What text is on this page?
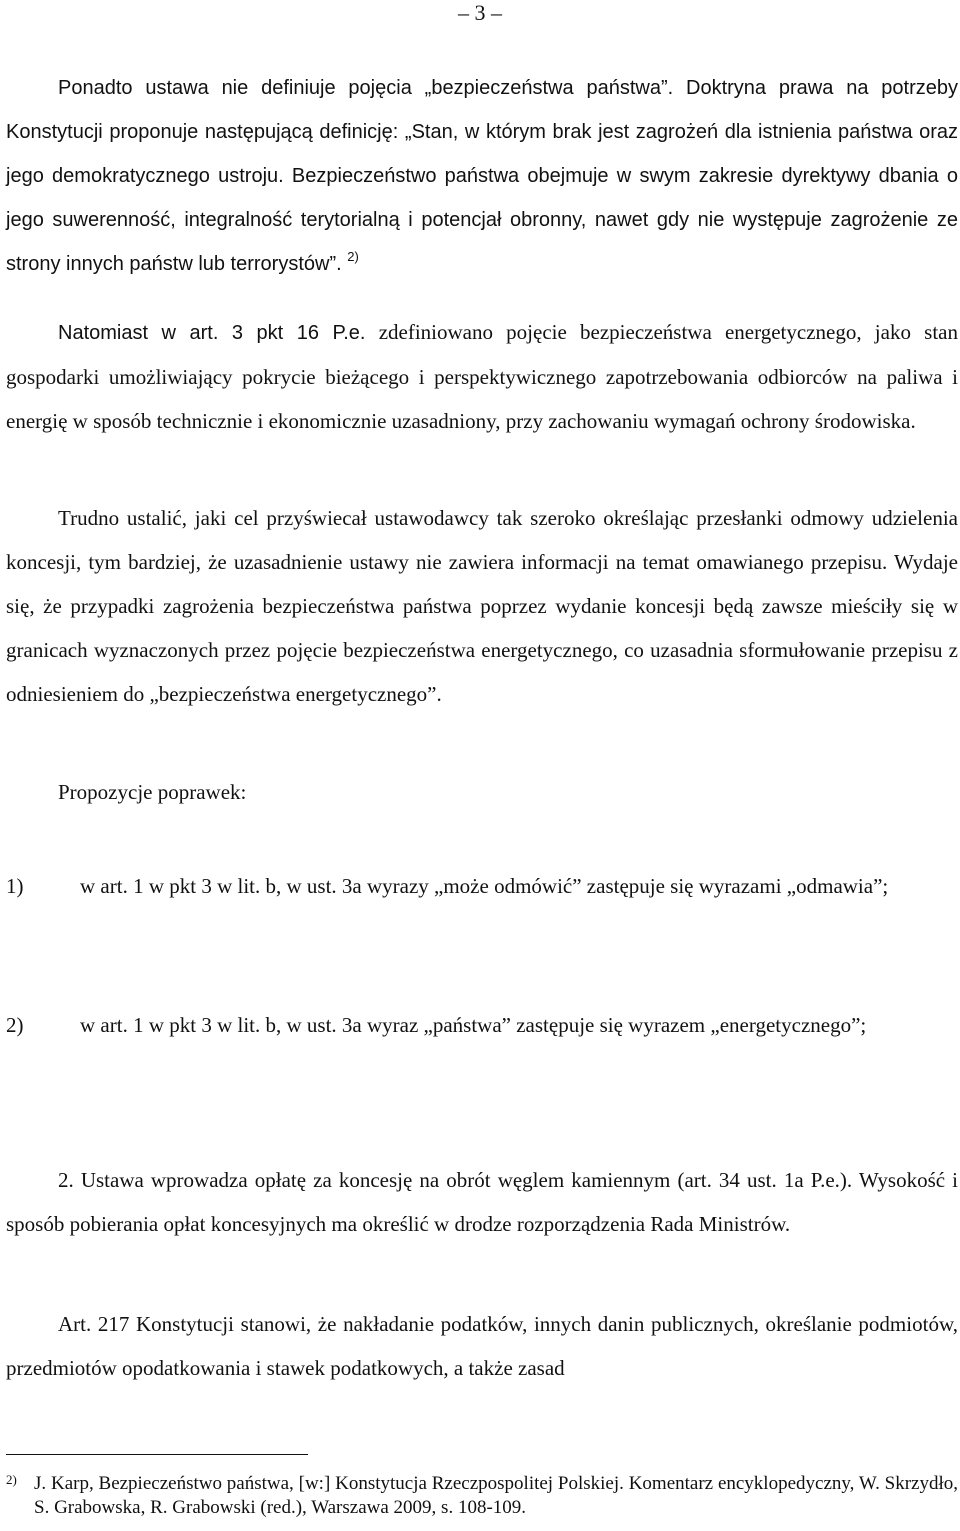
– 3 –

Ponadto ustawa nie definiuje pojęcia „bezpieczeństwa państwa”. Doktryna prawa na potrzeby Konstytucji proponuje następującą definicję: „Stan, w którym brak jest zagrożeń dla istnienia państwa oraz jego demokratycznego ustroju. Bezpieczeństwo państwa obejmuje w swym zakresie dyrektywy dbania o jego suwerenność, integralność terytorialną i potencjał obronny, nawet gdy nie występuje zagrożenie ze strony innych państw lub terrorystów”. $^{2)}$

Natomiast w art. 3 pkt 16 P.e. zdefiniowano pojęcie bezpieczeństwa energetycznego, jako stan gospodarki umożliwiający pokrycie bieżącego i perspektywicznego zapotrzebowania odbiorców na paliwa i energię w sposób technicznie i ekonomicznie uzasadniony, przy zachowaniu wymagań ochrony środowiska.

Trudno ustalić, jaki cel przyświecał ustawodawcy tak szeroko określając przesłanki odmowy udzielenia koncesji, tym bardziej, że uzasadnienie ustawy nie zawiera informacji na temat omawianego przepisu. Wydaje się, że przypadki zagrożenia bezpieczeństwa państwa poprzez wydanie koncesji będą zawsze mieściły się w granicach wyznaczonych przez pojęcie bezpieczeństwa energetycznego, co uzasadnia sformułowanie przepisu z odniesieniem do „bezpieczeństwa energetycznego”.

Propozycje poprawek:

1)	w art. 1 w pkt 3 w lit. b, w ust. 3a wyrazy „może odmówić” zastępuje się wyrazami „odmawia”;

2)	w art. 1 w pkt 3 w lit. b, w ust. 3a wyraz „państwa” zastępuje się wyrazem „energetycznego”;

2. Ustawa wprowadza opłatę za koncesję na obrót węglem kamiennym (art. 34 ust. 1a P.e.). Wysokość i sposób pobierania opłat koncesyjnych ma określić w drodze rozporządzenia Rada Ministrów.

Art. 217 Konstytucji stanowi, że nakładanie podatków, innych danin publicznych, określanie podmiotów, przedmiotów opodatkowania i stawek podatkowych, a także zasad

2) J. Karp, Bezpieczeństwo państwa, [w:] Konstytucja Rzeczpospolitej Polskiej. Komentarz encyklopedyczny, W. Skrzydło, S. Grabowska, R. Grabowski (red.), Warszawa 2009, s. 108-109.
